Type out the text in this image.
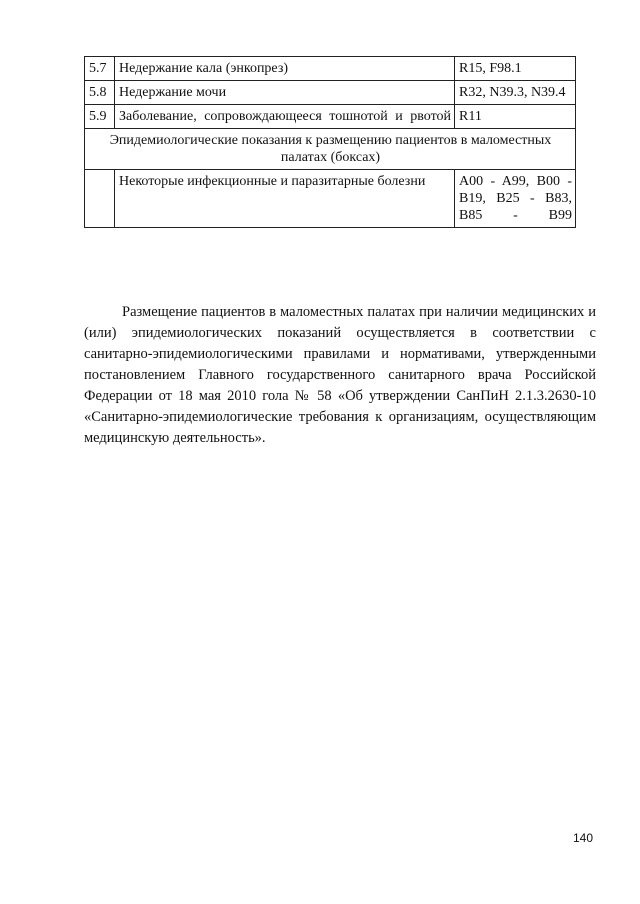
5.7	Недержание кала (энкопрез)	R15, F98.1
5.8	Недержание мочи	R32, N39.3, N39.4
5.9	Заболевание, сопровождающееся тошнотой и рвотой	R11
Эпидемиологические показания к размещению пациентов в маломестных палатах (боксах)		
	Некоторые инфекционные и паразитарные болезни	A00 - A99, B00 - B19, B25 - B83, B85 - B99
Размещение пациентов в маломестных палатах при наличии медицинских и (или) эпидемиологических показаний осуществляется в соответствии с санитарно-эпидемиологическими правилами и нормативами, утвержденными постановлением Главного государственного санитарного врача Российской Федерации от 18 мая 2010 гола № 58 «Об утверждении СанПиН 2.1.3.2630-10 «Санитарно-эпидемиологические требования к организациям, осуществляющим медицинскую деятельность».
140
